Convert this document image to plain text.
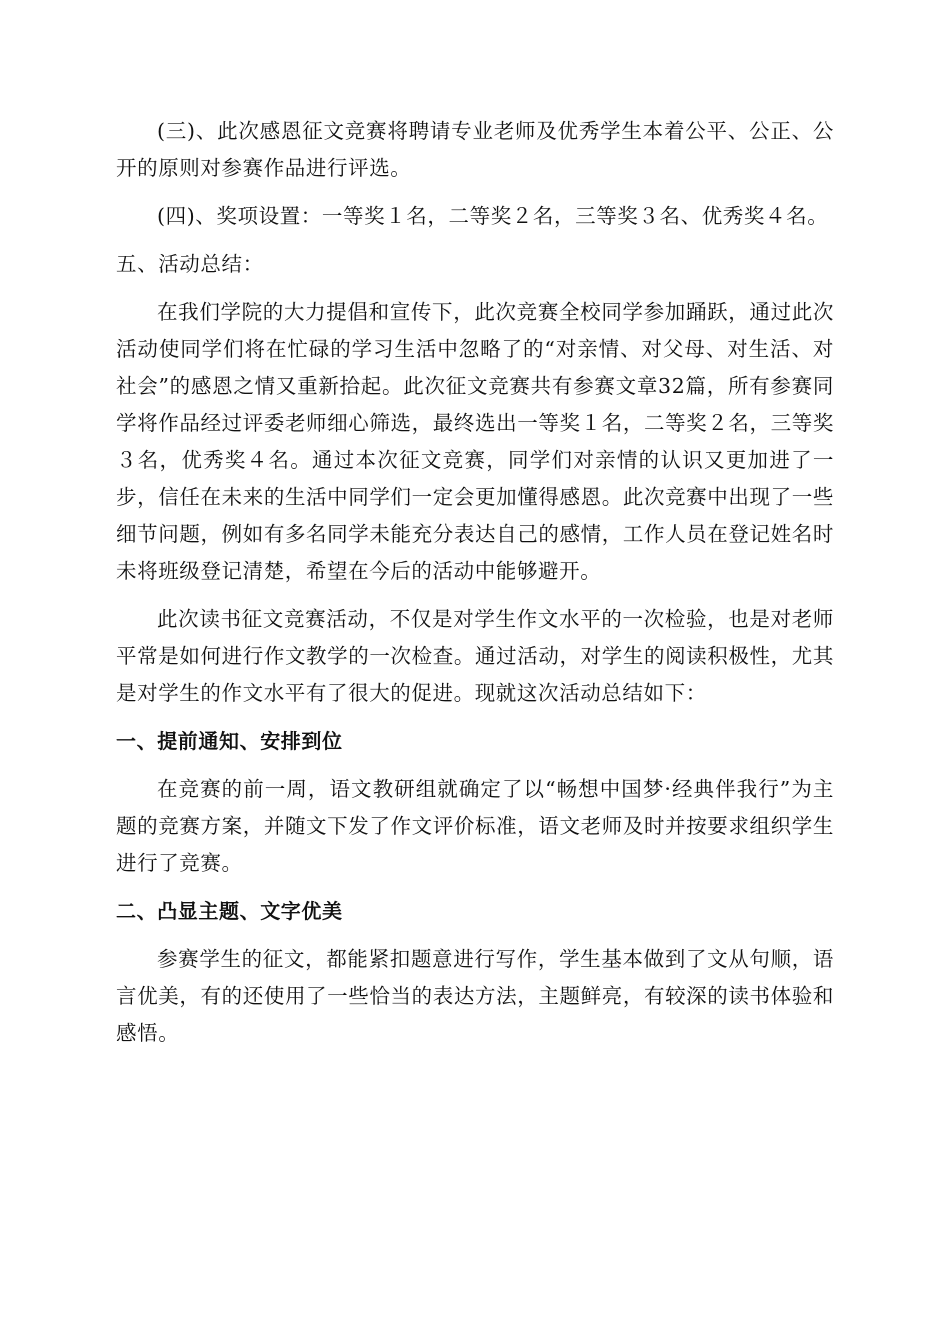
(三)、此次感恩征文竞赛将聘请专业老师及优秀学生本着公平、公正、公开的原则对参赛作品进行评选。

(四)、奖项设置：一等奖１名，二等奖２名，三等奖３名、优秀奖４名。

五、活动总结：

在我们学院的大力提倡和宣传下，此次竞赛全校同学参加踊跃，通过此次活动使同学们将在忙碌的学习生活中忽略了的“对亲情、对父母、对生活、对社会”的感恩之情又重新拾起。此次征文竞赛共有参赛文章32篇，所有参赛同学将作品经过评委老师细心筛选，最终选出一等奖１名，二等奖２名，三等奖３名，优秀奖４名。通过本次征文竞赛，同学们对亲情的认识又更加进了一步，信任在未来的生活中同学们一定会更加懂得感恩。此次竞赛中出现了一些细节问题，例如有多名同学未能充分表达自己的感情，工作人员在登记姓名时未将班级登记清楚，希望在今后的活动中能够避开。

此次读书征文竞赛活动，不仅是对学生作文水平的一次检验，也是对老师平常是如何进行作文教学的一次检查。通过活动，对学生的阅读积极性，尤其是对学生的作文水平有了很大的促进。现就这次活动总结如下：

一、提前通知、安排到位

在竞赛的前一周，语文教研组就确定了以“畅想中国梦·经典伴我行”为主题的竞赛方案，并随文下发了作文评价标准，语文老师及时并按要求组织学生进行了竞赛。

二、凸显主题、文字优美

参赛学生的征文，都能紧扣题意进行写作，学生基本做到了文从句顺，语言优美，有的还使用了一些恰当的表达方法，主题鲜亮，有较深的读书体验和感悟。
